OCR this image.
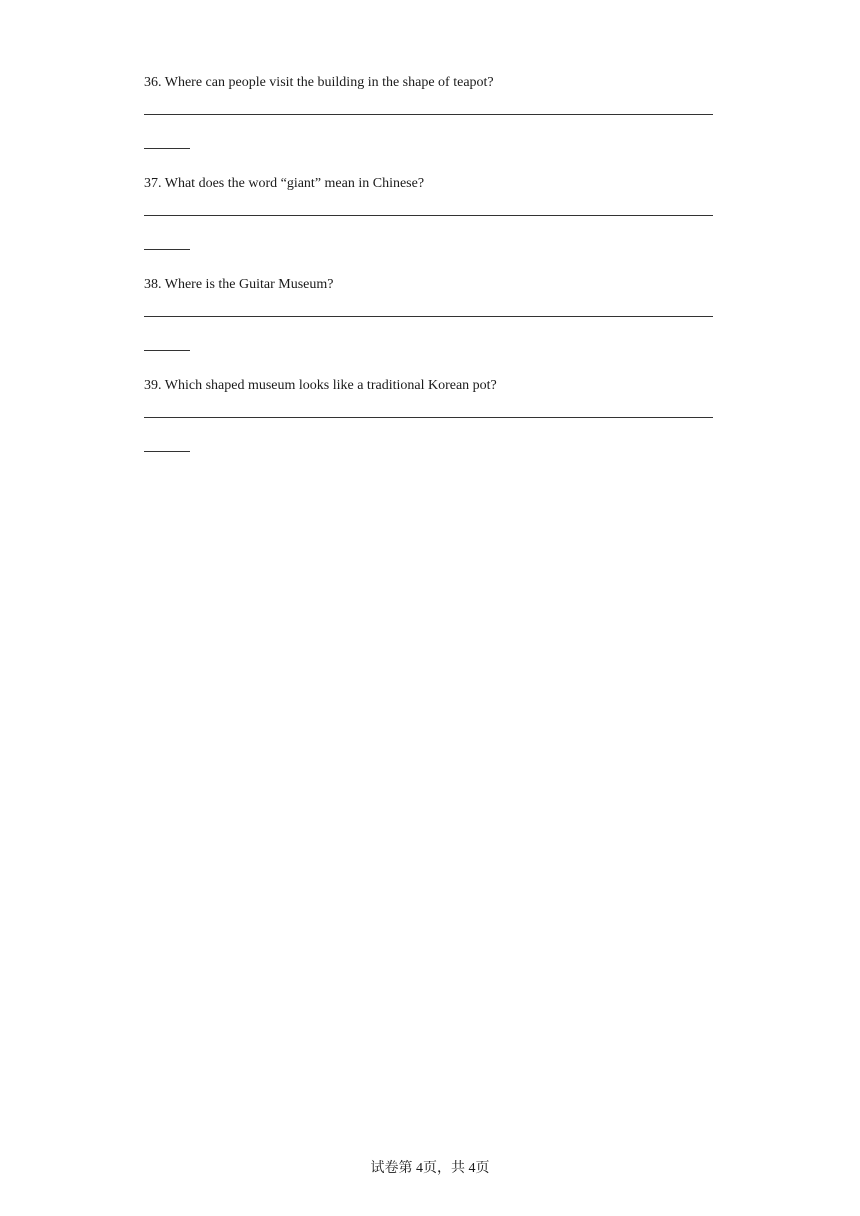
36. Where can people visit the building in the shape of teapot?
37. What does the word “giant” mean in Chinese?
38. Where is the Guitar Museum?
39. Which shaped museum looks like a traditional Korean pot?
试卷第 4页，共 4页
